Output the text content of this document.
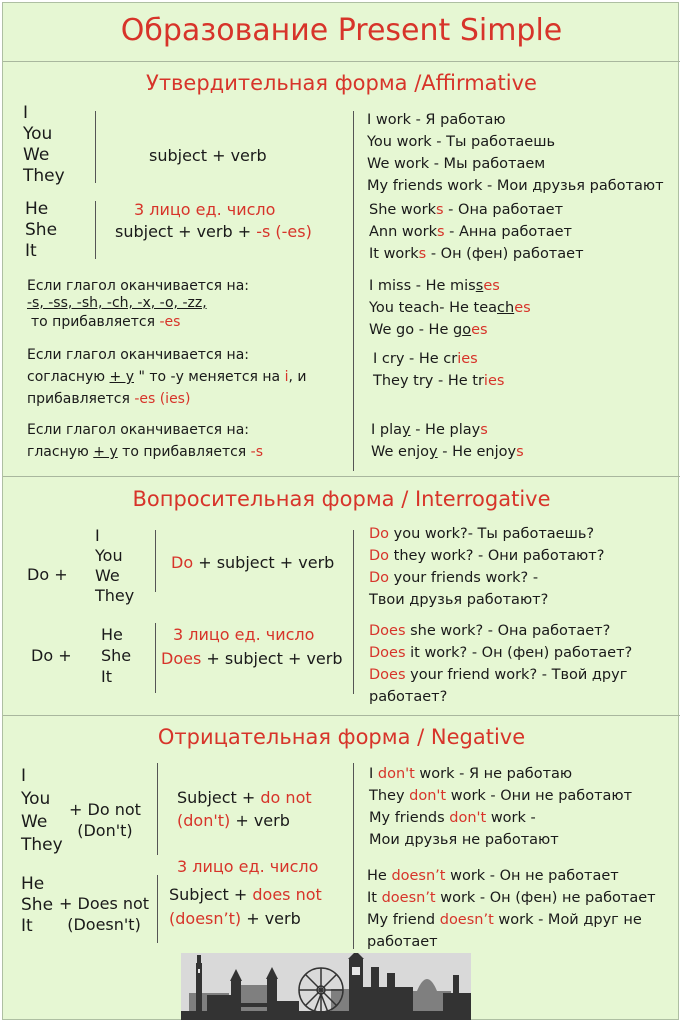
Образование Present Simple
Утвердительная форма /Affirmative
I
You
We
They
subject + verb
I work - Я работаю
You work - Ты работаешь
We work - Мы работаем
My friends work - Мои друзья работают
He
She
It
3 лицо ед. число
subject + verb + -s (-es)
She works - Она работает
Ann works - Анна работает
It works - Он (фен) работает
Если глагол оканчивается на:
-s, -ss, -sh, -ch, -x, -o, -zz,
то прибавляется -es
I miss - He misses
You teach- He teaches
We go - He goes
Если глагол оканчивается на:
согласную + y " то -у меняется на i, и
прибавляется -es (ies)
I cry - He cries
They try - He tries
Если глагол оканчивается на:
гласную + y то прибавляется -s
I play - He plays
We enjoy - He enjoys
Вопросительная форма / Interrogative
Do +
I
You
We
They
Do + subject + verb
Do you work?- Ты работаешь?
Do they work? - Они работают?
Do your friends work? -
Твои друзья работают?
Do +
He
She
It
3 лицо ед. число
Does + subject + verb
Does she work? - Она работает?
Does it work? - Он (фен) работает?
Does your friend work? - Твой друг
работает?
Отрицательная форма / Negative
I
You
We
They
+ Do not
(Don't)
Subject + do not
(don't) + verb
I don't work - Я не работаю
They don't work - Они не работают
My friends don't work -
Мои друзья не работают
3 лицо ед. число
He
She
It
+ Does not
(Doesn't)
Subject + does not
(doesn’t) + verb
He doesn’t work - Он не работает
It doesn’t work - Он (фен) не работает
My friend doesn’t work - Мой друг не
работает
